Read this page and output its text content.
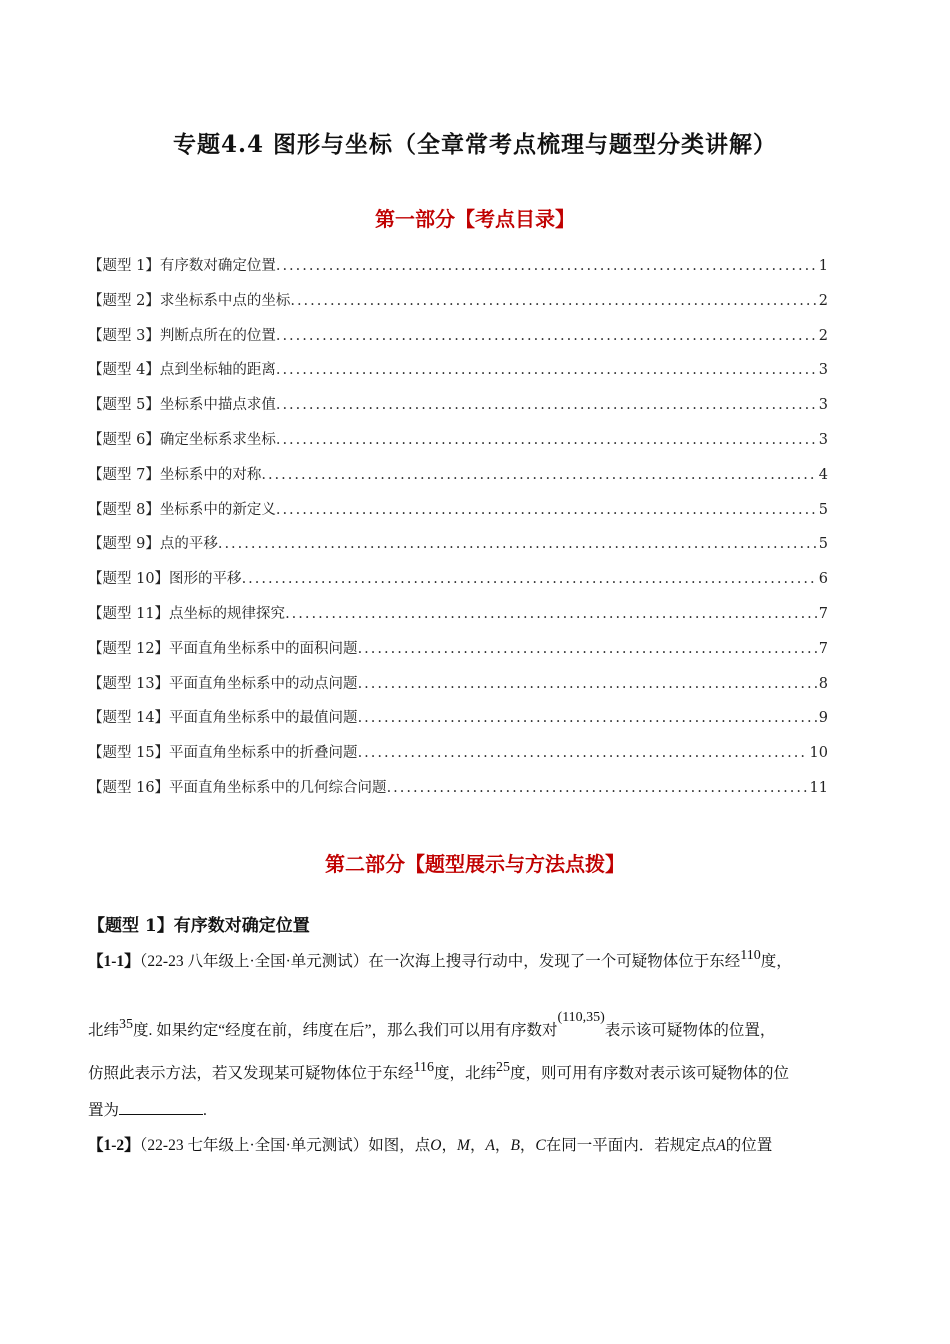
专题4.4 图形与坐标（全章常考点梳理与题型分类讲解）
第一部分【考点目录】
【题型 1】有序数对确定位置 .....	1
【题型 2】求坐标系中点的坐标 .....	2
【题型 3】判断点所在的位置 .....	2
【题型 4】点到坐标轴的距离 .....	3
【题型 5】坐标系中描点求值 .....	3
【题型 6】确定坐标系求坐标 .....	3
【题型 7】坐标系中的对称 .....	4
【题型 8】坐标系中的新定义 .....	5
【题型 9】点的平移 .....	5
【题型 10】图形的平移 .....	6
【题型 11】点坐标的规律探究 .....	7
【题型 12】平面直角坐标系中的面积问题 .....	7
【题型 13】平面直角坐标系中的动点问题 .....	8
【题型 14】平面直角坐标系中的最值问题 .....	9
【题型 15】平面直角坐标系中的折叠问题 .....	10
【题型 16】平面直角坐标系中的几何综合问题 .....	11
第二部分【题型展示与方法点拨】
【题型 1】有序数对确定位置
【1-1】（22-23 八年级上·全国·单元测试）在一次海上搜寻行动中，发现了一个可疑物体位于东经110度，
北纬35度. 如果约定“经度在前，纬度在后”，那么我们可以用有序数对(110,35)表示该可疑物体的位置，
仿照此表示方法，若又发现某可疑物体位于东经116度，北纬25度，则可用有序数对表示该可疑物体的位
置为	.
【1-2】（22-23 七年级上·全国·单元测试）如图，点O，M，A，B，C在同一平面内．若规定点A的位置
